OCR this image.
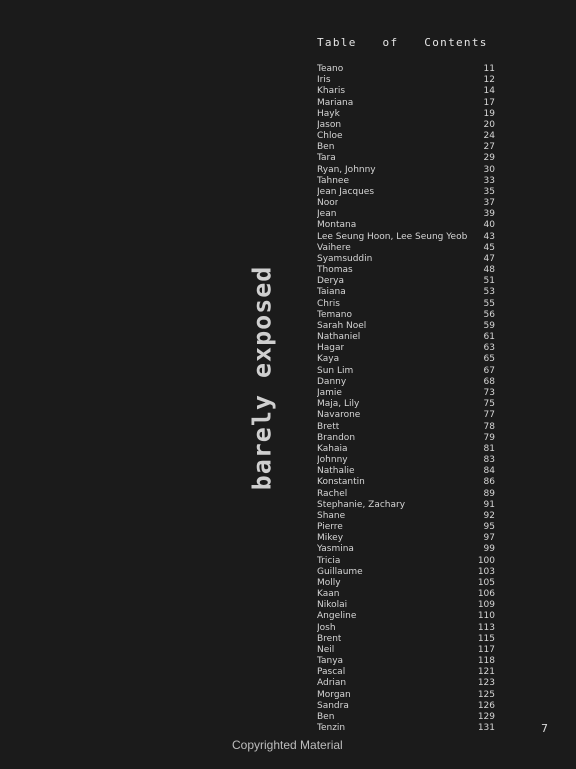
barely exposed
Table of Contents
Teano	11
Iris	12
Kharis	14
Mariana	17
Hayk	19
Jason	20
Chloe	24
Ben	27
Tara	29
Ryan, Johnny	30
Tahnee	33
Jean Jacques	35
Noor	37
Jean	39
Montana	40
Lee Seung Hoon, Lee Seung Yeob	43
Vaihere	45
Syamsuddin	47
Thomas	48
Derya	51
Taiana	53
Chris	55
Temano	56
Sarah Noel	59
Nathaniel	61
Hagar	63
Kaya	65
Sun Lim	67
Danny	68
Jamie	73
Maja, Lily	75
Navarone	77
Brett	78
Brandon	79
Kahaia	81
Johnny	83
Nathalie	84
Konstantin	86
Rachel	89
Stephanie, Zachary	91
Shane	92
Pierre	95
Mikey	97
Yasmina	99
Tricia	100
Guillaume	103
Molly	105
Kaan	106
Nikolai	109
Angeline	110
Josh	113
Brent	115
Neil	117
Tanya	118
Pascal	121
Adrian	123
Morgan	125
Sandra	126
Ben	129
Tenzin	131	7
Copyrighted Material
